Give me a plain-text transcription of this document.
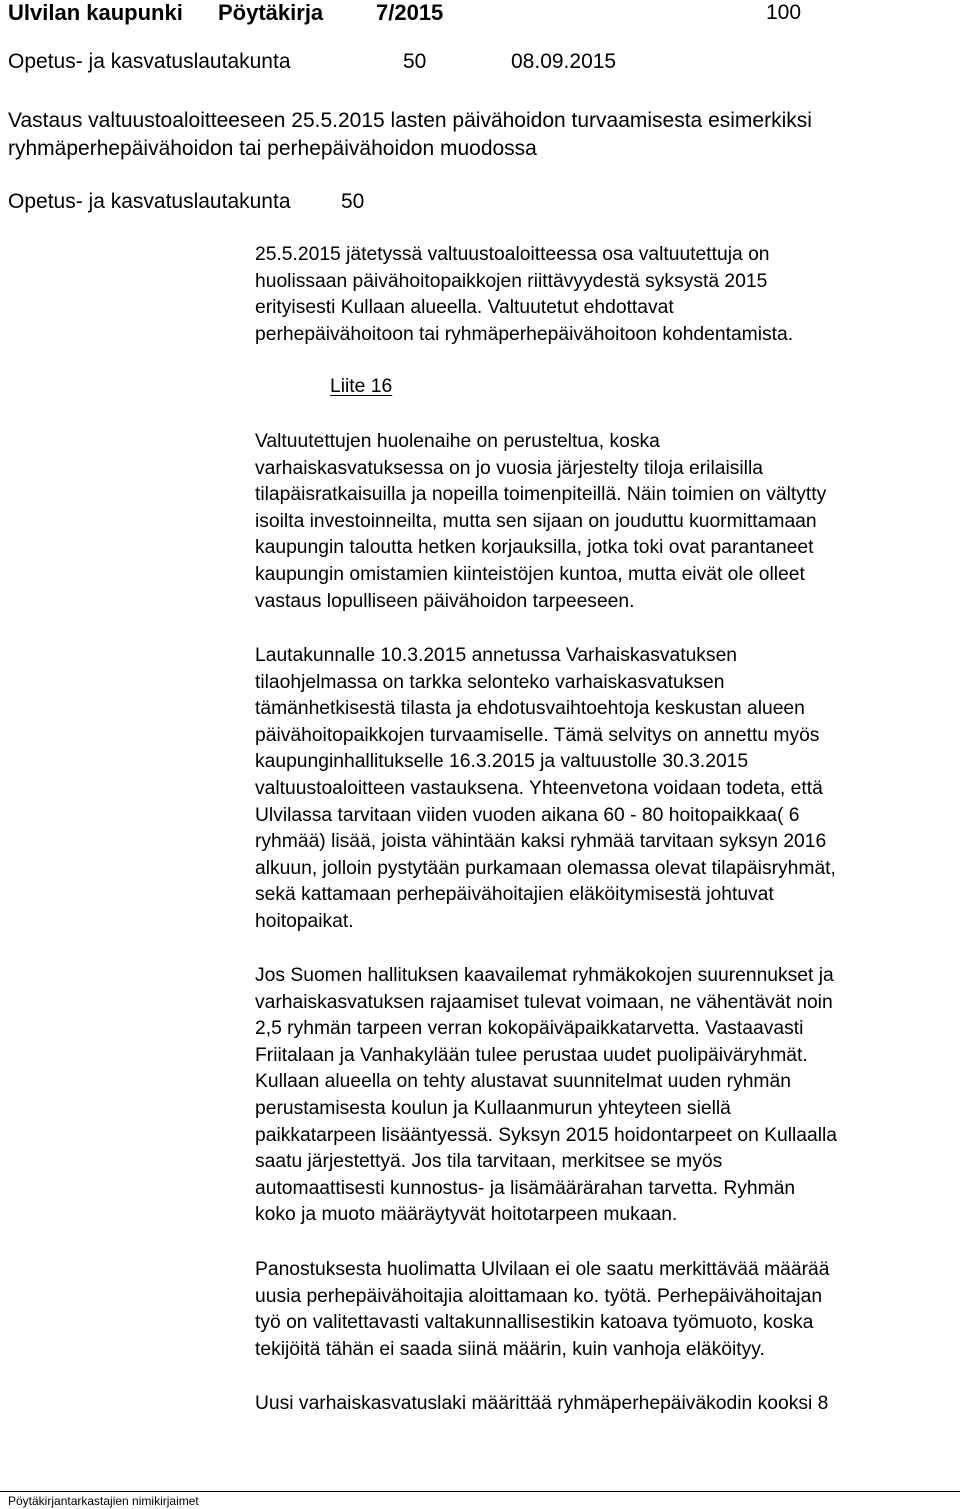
Ulvilan kaupunki Pöytäkirja 7/2015	100
Opetus- ja kasvatuslautakunta	50	08.09.2015
Vastaus valtuustoaloitteeseen 25.5.2015 lasten päivähoidon turvaamisesta esimerkiksi
ryhmäperhepäivähoidon tai perhepäivähoidon muodossa
Opetus- ja kasvatuslautakunta 50

25.5.2015 jätetyssä valtuustoaloitteessa osa valtuutettuja on

huolissaan päivähoitopaikkojen riittävyydestä syksystä 2015

erityisesti Kullaan alueella. Valtuutetut ehdottavat

perhepäivähoitoon tai ryhmäperhepäivähoitoon kohdentamista.

Liite 16

Valtuutettujen huolenaihe on perusteltua, koska

varhaiskasvatuksessa on jo vuosia järjestelty tiloja erilaisilla

tilapäisratkaisuilla ja nopeilla toimenpiteillä. Näin toimien on vältytty

isoilta investoinneilta, mutta sen sijaan on jouduttu kuormittamaan

kaupungin taloutta hetken korjauksilla, jotka toki ovat parantaneet

kaupungin omistamien kiinteistöjen kuntoa, mutta eivät ole olleet

vastaus lopulliseen päivähoidon tarpeeseen.

Lautakunnalle 10.3.2015 annetussa Varhaiskasvatuksen

tilaohjelmassa on tarkka selonteko varhaiskasvatuksen

tämänhetkisestä tilasta ja ehdotusvaihtoehtoja keskustan alueen

päivähoitopaikkojen turvaamiselle. Tämä selvitys on annettu myös

kaupunginhallitukselle 16.3.2015 ja valtuustolle 30.3.2015

valtuustoaloitteen vastauksena. Yhteenvetona voidaan todeta, että

Ulvilassa tarvitaan viiden vuoden aikana 60 - 80 hoitopaikkaa( 6

ryhmää) lisää, joista vähintään kaksi ryhmää tarvitaan syksyn 2016

alkuun, jolloin pystytään purkamaan olemassa olevat tilapäisryhmät,

sekä kattamaan perhepäivähoitajien eläköitymisestä johtuvat

hoitopaikat.

Jos Suomen hallituksen kaavailemat ryhmäkokojen suurennukset ja

varhaiskasvatuksen rajaamiset tulevat voimaan, ne vähentävät noin

2,5 ryhmän tarpeen verran kokopäiväpaikkatarvetta. Vastaavasti

Friitalaan ja Vanhakylään tulee perustaa uudet puolipäiväryhmät.

Kullaan alueella on tehty alustavat suunnitelmat uuden ryhmän

perustamisesta koulun ja Kullaanmurun yhteyteen siellä

paikkatarpeen lisääntyessä. Syksyn 2015 hoidontarpeet on Kullaalla

saatu järjestettyä. Jos tila tarvitaan, merkitsee se myös

automaattisesti kunnostus- ja lisämäärärahan tarvetta. Ryhmän

koko ja muoto määräytyvät hoitotarpeen mukaan.

Panostuksesta huolimatta Ulvilaan ei ole saatu merkittävää määrää

uusia perhepäivähoitajia aloittamaan ko. työtä. Perhepäivähoitajan

työ on valitettavasti valtakunnallisestikin katoava työmuoto, koska

tekijöitä tähän ei saada siinä määrin, kuin vanhoja eläköityy.

Uusi varhaiskasvatuslaki määrittää ryhmäperhepäiväkodin kooksi 8

Pöytäkirjantarkastajien nimikirjaimet
